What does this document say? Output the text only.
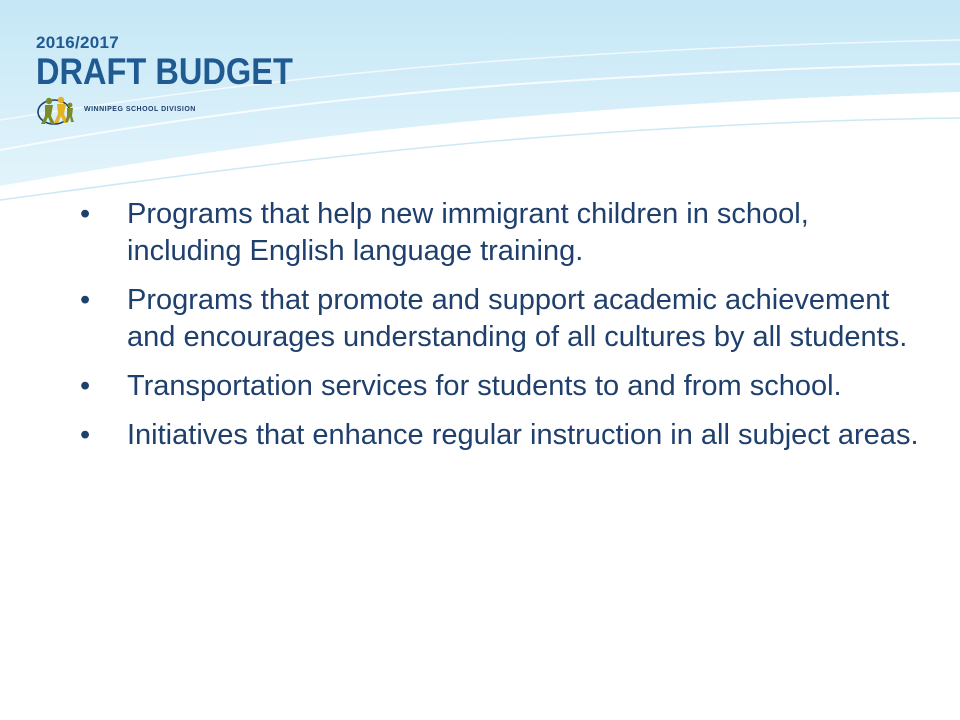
2016/2017
DRAFT BUDGET
WINNIPEG SCHOOL DIVISION
• Programs that help new immigrant children in school, including English language training.
• Programs that promote and support academic achievement and encourages understanding of all cultures by all students.
• Transportation services for students to and from school.
• Initiatives that enhance regular instruction in all subject areas.
